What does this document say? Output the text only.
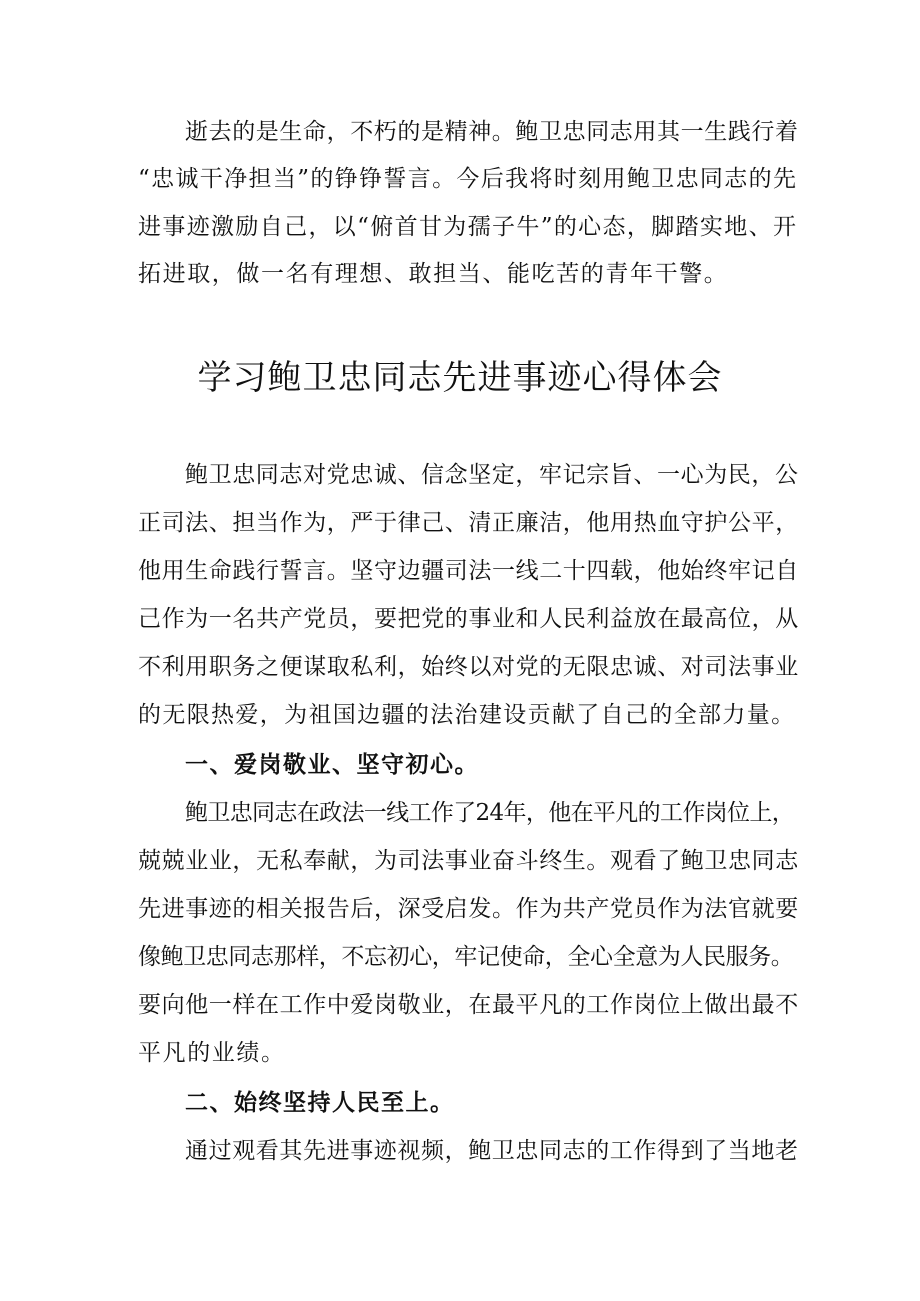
逝去的是生命，不朽的是精神。鲍卫忠同志用其一生践行着
“忠诚干净担当”的铮铮誓言。今后我将时刻用鲍卫忠同志的先
进事迹激励自己，以“俯首甘为孺子牛”的心态，脚踏实地、开
拓进取，做一名有理想、敢担当、能吃苦的青年干警。
学习鲍卫忠同志先进事迹心得体会
鲍卫忠同志对党忠诚、信念坚定，牢记宗旨、一心为民，公
正司法、担当作为，严于律己、清正廉洁，他用热血守护公平，
他用生命践行誓言。坚守边疆司法一线二十四载，他始终牢记自
己作为一名共产党员，要把党的事业和人民利益放在最高位，从
不利用职务之便谋取私利，始终以对党的无限忠诚、对司法事业
的无限热爱，为祖国边疆的法治建设贡献了自己的全部力量。
一、爱岗敬业、坚守初心。
鲍卫忠同志在政法一线工作了24年，他在平凡的工作岗位上，
兢兢业业，无私奉献，为司法事业奋斗终生。观看了鲍卫忠同志
先进事迹的相关报告后，深受启发。作为共产党员作为法官就要
像鲍卫忠同志那样，不忘初心，牢记使命，全心全意为人民服务。
要向他一样在工作中爱岗敬业，在最平凡的工作岗位上做出最不
平凡的业绩。
二、始终坚持人民至上。
通过观看其先进事迹视频，鲍卫忠同志的工作得到了当地老
